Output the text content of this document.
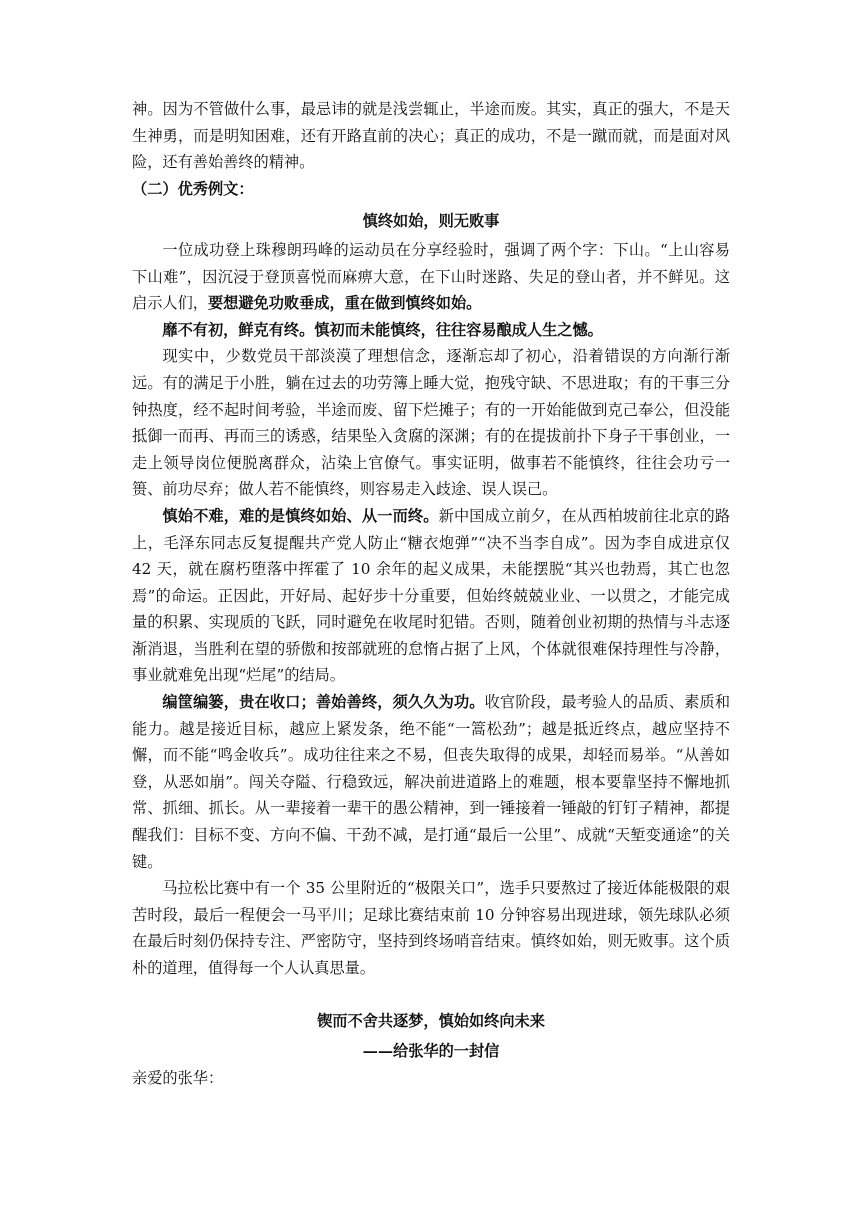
神。因为不管做什么事，最忌讳的就是浅尝辄止，半途而废。其实，真正的强大，不是天生神勇，而是明知困难，还有开路直前的决心；真正的成功，不是一蹴而就，而是面对风险，还有善始善终的精神。

（二）优秀例文：

慎终如始，则无败事

一位成功登上珠穆朗玛峰的运动员在分享经验时，强调了两个字：下山。“上山容易下山难”，因沉浸于登顶喜悦而麻痹大意，在下山时迷路、失足的登山者，并不鲜见。这启示人们，要想避免功败垂成，重在做到慎终如始。

靡不有初，鲜克有终。慎初而未能慎终，往往容易酿成人生之憾。

现实中，少数党员干部淡漠了理想信念，逐渐忘却了初心，沿着错误的方向渐行渐远。有的满足于小胜，躺在过去的功劳簿上睡大觉，抱残守缺、不思进取；有的干事三分钟热度，经不起时间考验，半途而废、留下烂摊子；有的一开始能做到克己奉公，但没能抵御一而再、再而三的诱惑，结果坠入贪腐的深渊；有的在提拔前扑下身子干事创业，一走上领导岗位便脱离群众，沾染上官僚气。事实证明，做事若不能慎终，往往会功亏一篑、前功尽弃；做人若不能慎终，则容易走入歧途、误人误己。

慎始不难，难的是慎终如始、从一而终。新中国成立前夕，在从西柏坡前往北京的路上，毛泽东同志反复提醒共产党人防止“糖衣炮弹”“决不当李自成”。因为李自成进京仅 42 天，就在腐朽堕落中挥霍了 10 余年的起义成果，未能摆脱“其兴也勃焉，其亡也忽焉”的命运。正因此，开好局、起好步十分重要，但始终兢兢业业、一以贯之，才能完成量的积累、实现质的飞跃，同时避免在收尾时犯错。否则，随着创业初期的热情与斗志逐渐消退，当胜利在望的骄傲和按部就班的怠惰占据了上风，个体就很难保持理性与冷静，事业就难免出现“烂尾”的结局。

编筐编篓，贵在收口；善始善终，须久久为功。收官阶段，最考验人的品质、素质和能力。越是接近目标，越应上紧发条，绝不能“一篙松劲”；越是抵近终点，越应坚持不懈，而不能“鸣金收兵”。成功往往来之不易，但丧失取得的成果，却轻而易举。“从善如登，从恶如崩”。闯关夺隘、行稳致远，解决前进道路上的难题，根本要靠坚持不懈地抓常、抓细、抓长。从一辈接着一辈干的愚公精神，到一锤接着一锤敲的钉钉子精神，都提醒我们：目标不变、方向不偏、干劲不减，是打通“最后一公里”、成就“天堑变通途”的关键。

马拉松比赛中有一个 35 公里附近的“极限关口”，选手只要熬过了接近体能极限的艰苦时段，最后一程便会一马平川；足球比赛结束前 10 分钟容易出现进球，领先球队必须在最后时刻仍保持专注、严密防守，坚持到终场哨音结束。慎终如始，则无败事。这个质朴的道理，值得每一个人认真思量。

锲而不舍共逐梦，慎始如终向未来

——给张华的一封信

亲爱的张华：
